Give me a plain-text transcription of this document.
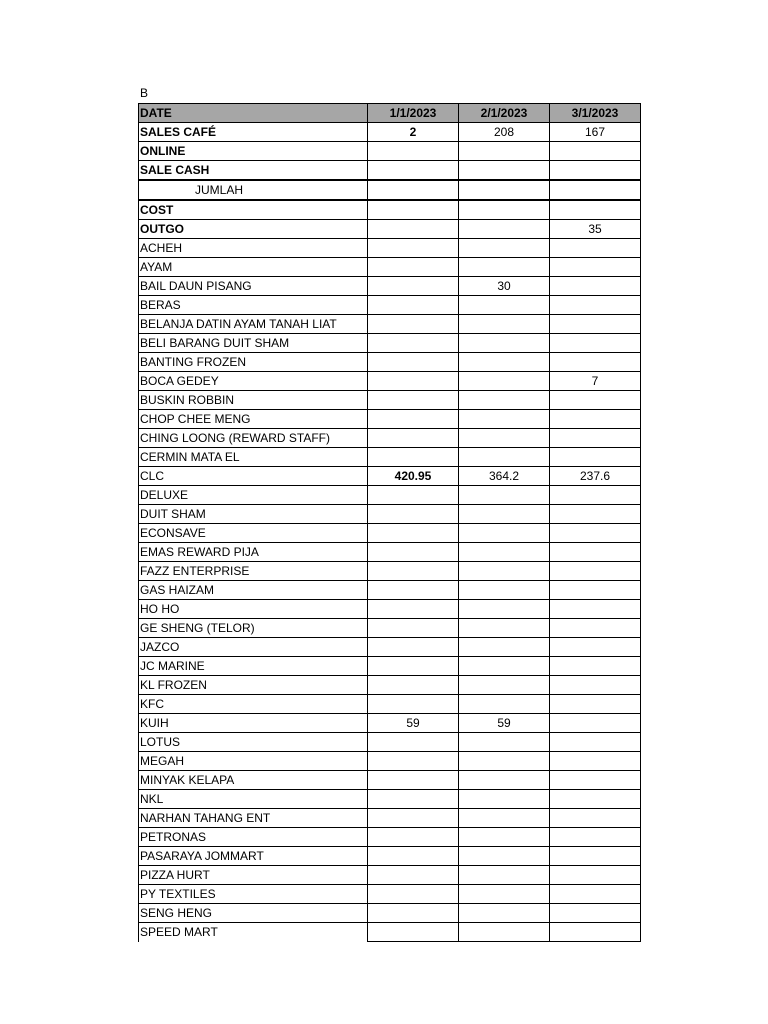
B
DATE	1/1/2023	2/1/2023	3/1/2023
SALES CAFÉ	2	208	167
ONLINE			
SALE CASH			
JUMLAH			
COST			
OUTGO			35
ACHEH			
AYAM			
BAIL DAUN PISANG		30	
BERAS			
BELANJA DATIN AYAM TANAH LIAT			
BELI BARANG DUIT SHAM			
BANTING FROZEN			
BOCA GEDEY			7
BUSKIN ROBBIN			
CHOP CHEE MENG			
CHING LOONG (REWARD STAFF)			
CERMIN MATA EL			
CLC	420.95	364.2	237.6
DELUXE			
DUIT SHAM			
ECONSAVE			
EMAS REWARD PIJA			
FAZZ ENTERPRISE			
GAS HAIZAM			
HO HO			
GE SHENG (TELOR)			
JAZCO			
JC MARINE			
KL FROZEN			
KFC			
KUIH	59	59	
LOTUS			
MEGAH			
MINYAK KELAPA			
NKL			
NARHAN TAHANG ENT			
PETRONAS			
PASARAYA JOMMART			
PIZZA HURT			
PY TEXTILES			
SENG HENG			
SPEED MART			
